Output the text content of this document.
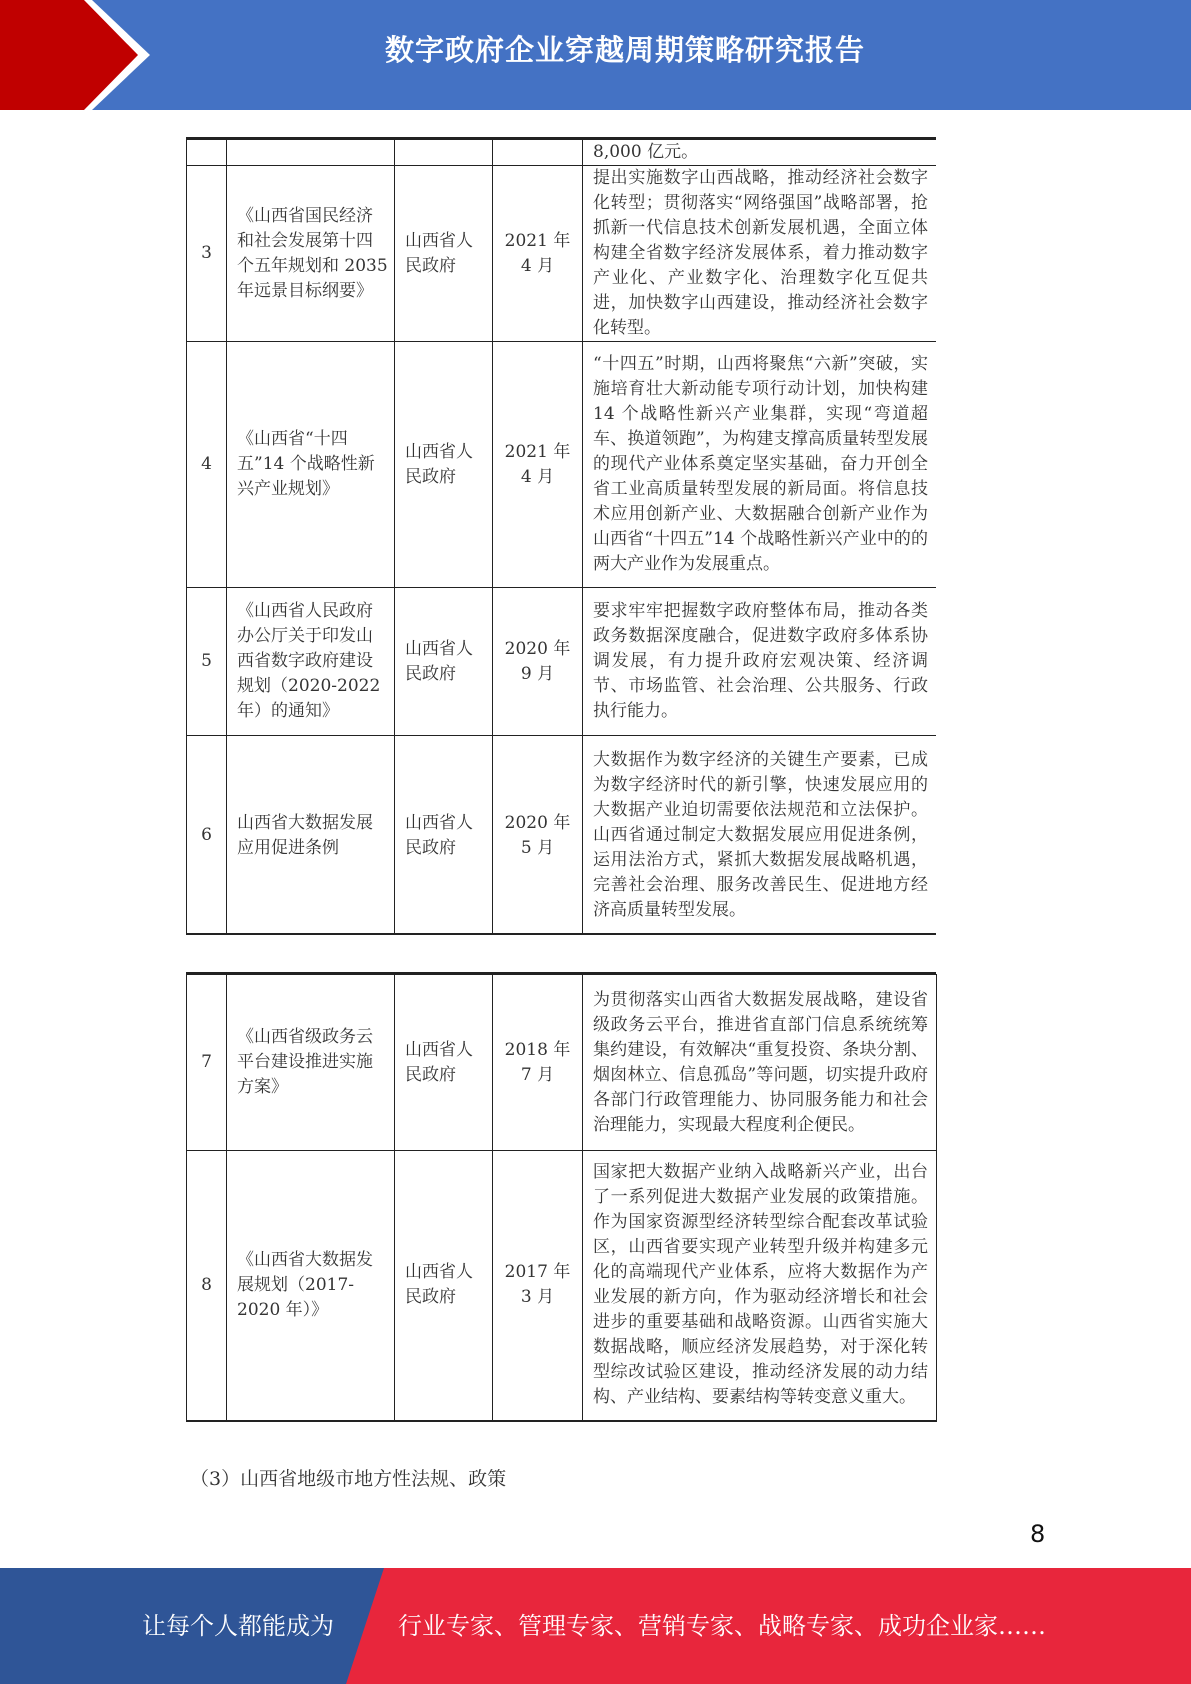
数字政府企业穿越周期策略研究报告
				8,000 亿元。
3	《山西省国民经济和社会发展第十四个五年规划和 2035 年远景目标纲要》	山西省人民政府	2021 年 4 月	提出实施数字山西战略，推动经济社会数字化转型；贯彻落实“网络强国”战略部署，抢抓新一代信息技术创新发展机遇，全面立体构建全省数字经济发展体系，着力推动数字产业化、产业数字化、治理数字化互促共进，加快数字山西建设，推动经济社会数字化转型。
4	《山西省“十四五”14 个战略性新兴产业规划》	山西省人民政府	2021 年 4 月	“十四五”时期，山西将聚焦“六新”突破，实施培育壮大新动能专项行动计划，加快构建 14 个战略性新兴产业集群，实现“弯道超车、换道领跑”，为构建支撑高质量转型发展的现代产业体系奠定坚实基础，奋力开创全省工业高质量转型发展的新局面。将信息技术应用创新产业、大数据融合创新产业作为山西省“十四五”14 个战略性新兴产业中的的两大产业作为发展重点。
5	《山西省人民政府办公厅关于印发山西省数字政府建设规划（2020-2022 年）的通知》	山西省人民政府	2020 年 9 月	要求牢牢把握数字政府整体布局，推动各类政务数据深度融合，促进数字政府多体系协调发展，有力提升政府宏观决策、经济调节、市场监管、社会治理、公共服务、行政执行能力。
6	山西省大数据发展应用促进条例	山西省人民政府	2020 年 5 月	大数据作为数字经济的关键生产要素，已成为数字经济时代的新引擎，快速发展应用的大数据产业迫切需要依法规范和立法保护。山西省通过制定大数据发展应用促进条例，运用法治方式，紧抓大数据发展战略机遇，完善社会治理、服务改善民生、促进地方经济高质量转型发展。
7	《山西省级政务云平台建设推进实施方案》	山西省人民政府	2018 年 7 月	为贯彻落实山西省大数据发展战略，建设省级政务云平台，推进省直部门信息系统统筹集约建设，有效解决“重复投资、条块分割、烟囱林立、信息孤岛”等问题，切实提升政府各部门行政管理能力、协同服务能力和社会治理能力，实现最大程度利企便民。
8	《山西省大数据发展规划（2017-2020 年）》	山西省人民政府	2017 年 3 月	国家把大数据产业纳入战略新兴产业，出台了一系列促进大数据产业发展的政策措施。作为国家资源型经济转型综合配套改革试验区，山西省要实现产业转型升级并构建多元化的高端现代产业体系，应将大数据作为产业发展的新方向，作为驱动经济增长和社会进步的重要基础和战略资源。山西省实施大数据战略，顺应经济发展趋势，对于深化转型综改试验区建设，推动经济发展的动力结构、产业结构、要素结构等转变意义重大。
（3）山西省地级市地方性法规、政策
8
让每个人都能成为	行业专家、管理专家、营销专家、战略专家、成功企业家……
